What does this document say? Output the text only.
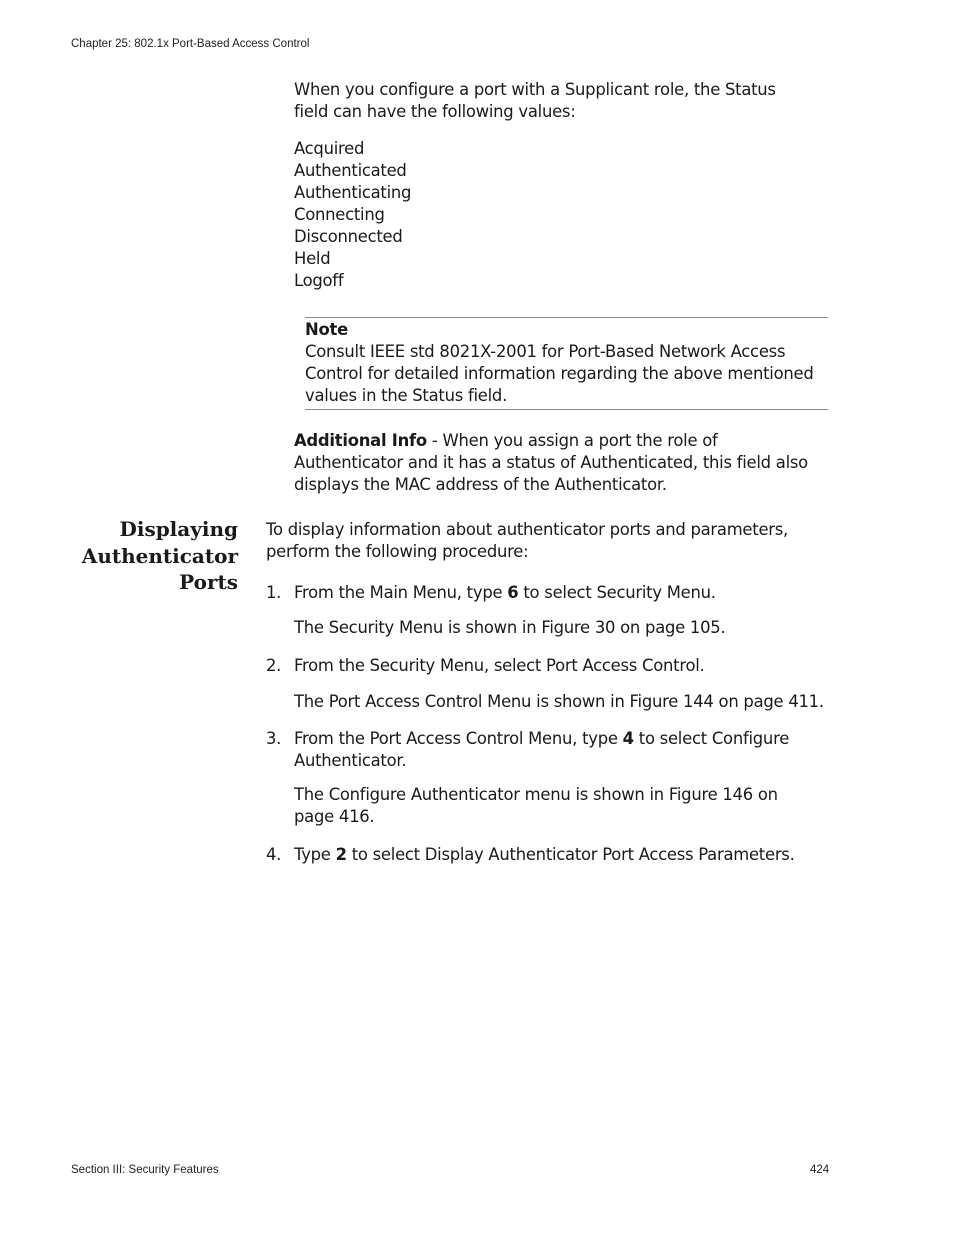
Chapter 25: 802.1x Port-Based Access Control
When you configure a port with a Supplicant role, the Status field can have the following values:
Acquired
Authenticated
Authenticating
Connecting
Disconnected
Held
Logoff
Note
Consult IEEE std 8021X-2001 for Port-Based Network Access Control for detailed information regarding the above mentioned values in the Status field.
Additional Info - When you assign a port the role of Authenticator and it has a status of Authenticated, this field also displays the MAC address of the Authenticator.
Displaying Authenticator Ports
To display information about authenticator ports and parameters, perform the following procedure:
1. From the Main Menu, type 6 to select Security Menu.
The Security Menu is shown in Figure 30 on page 105.
2. From the Security Menu, select Port Access Control.
The Port Access Control Menu is shown in Figure 144 on page 411.
3. From the Port Access Control Menu, type 4 to select Configure Authenticator.
The Configure Authenticator menu is shown in Figure 146 on page 416.
4. Type 2 to select Display Authenticator Port Access Parameters.
Section III: Security Features	424
